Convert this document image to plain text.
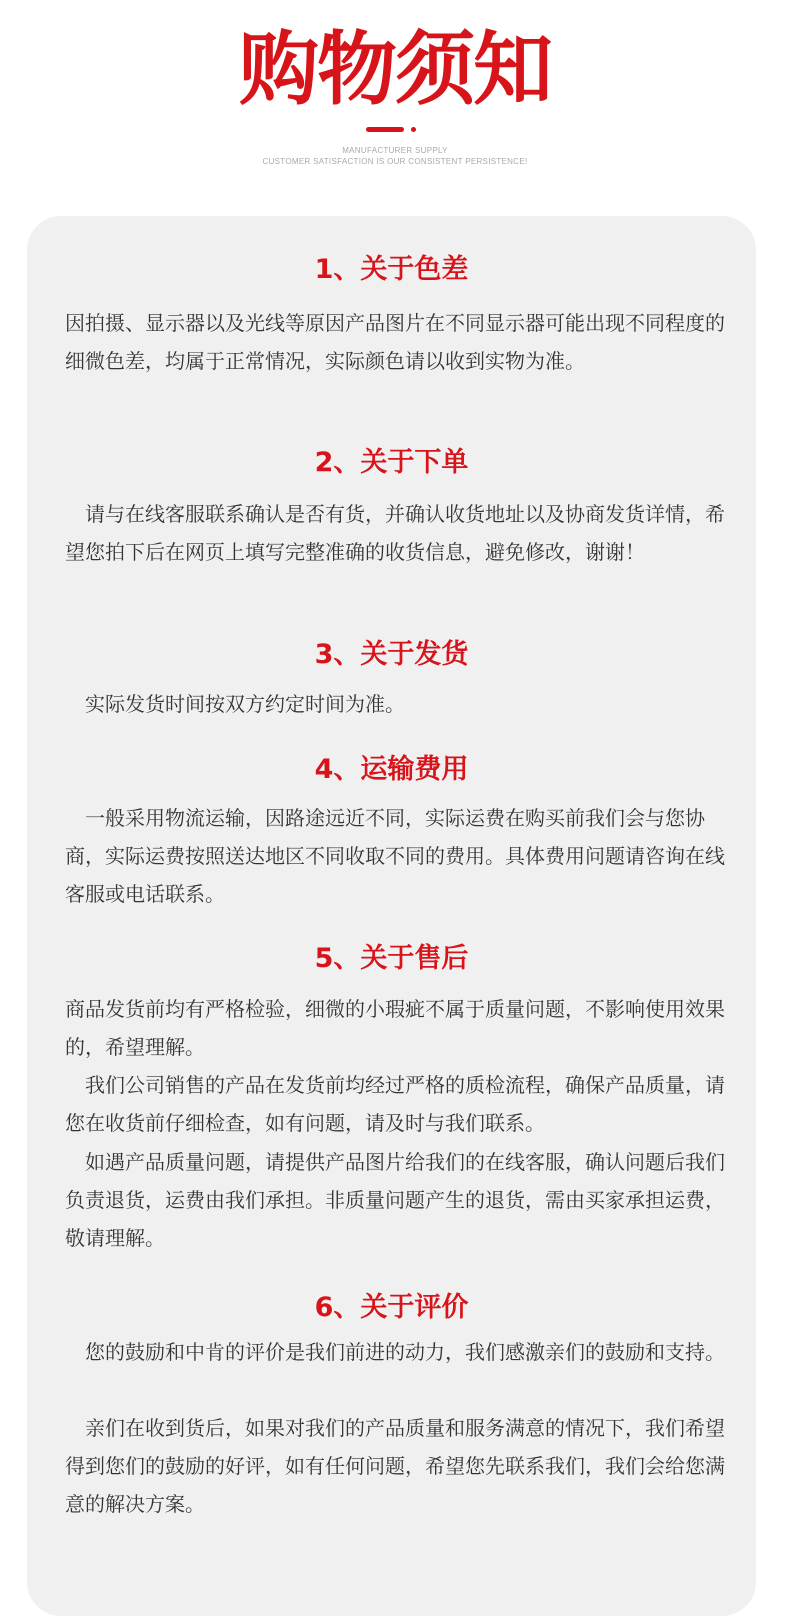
购物须知
MANUFACTURER SUPPLY
CUSTOMER SATISFACTION IS OUR CONSISTENT PERSISTENCE!
1、关于色差

因拍摄、显示器以及光线等原因产品图片在不同显示器可能出现不同程度的细微色差，均属于正常情况，实际颜色请以收到实物为准。

2、关于下单

请与在线客服联系确认是否有货，并确认收货地址以及协商发货详情，希望您拍下后在网页上填写完整准确的收货信息，避免修改，谢谢！

3、关于发货

实际发货时间按双方约定时间为准。

4、运输费用

一般采用物流运输，因路途远近不同，实际运费在购买前我们会与您协商，实际运费按照送达地区不同收取不同的费用。具体费用问题请咨询在线客服或电话联系。

5、关于售后

商品发货前均有严格检验，细微的小瑕疵不属于质量问题，不影响使用效果的，希望理解。

我们公司销售的产品在发货前均经过严格的质检流程，确保产品质量，请您在收货前仔细检查，如有问题，请及时与我们联系。

如遇产品质量问题，请提供产品图片给我们的在线客服，确认问题后我们负责退货，运费由我们承担。非质量问题产生的退货，需由买家承担运费，敬请理解。

6、关于评价

您的鼓励和中肯的评价是我们前进的动力，我们感激亲们的鼓励和支持。

亲们在收到货后，如果对我们的产品质量和服务满意的情况下，我们希望得到您们的鼓励的好评，如有任何问题，希望您先联系我们，我们会给您满意的解决方案。
